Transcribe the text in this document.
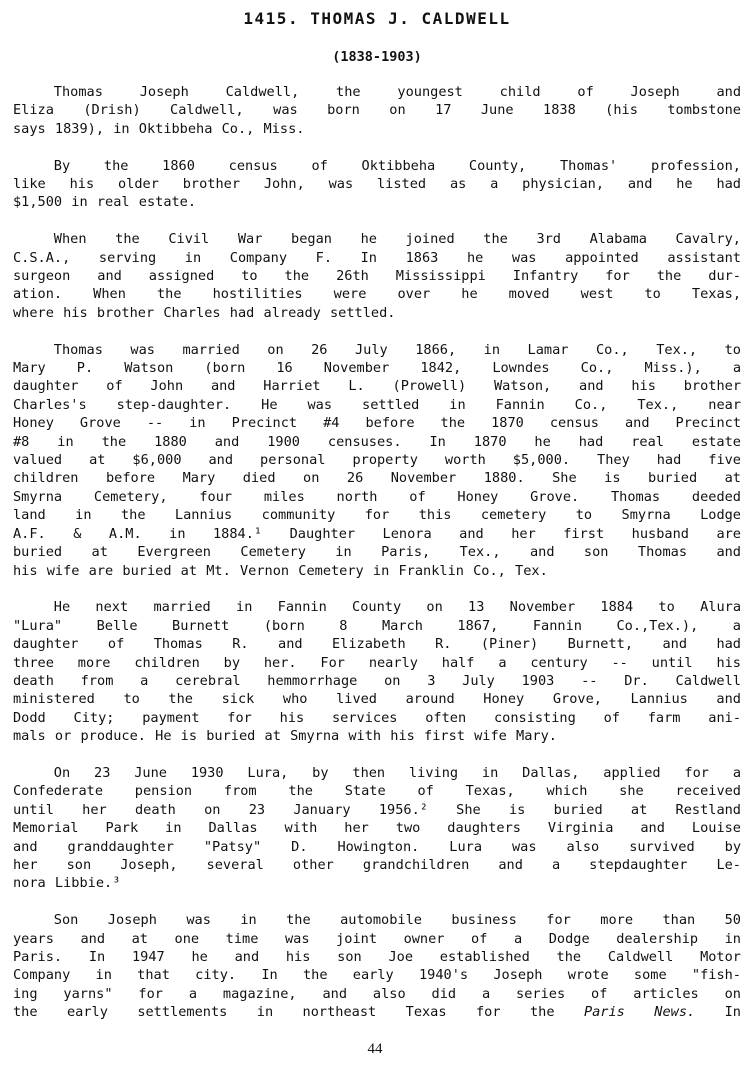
1415. THOMAS J. CALDWELL
(1838-1903)

Thomas Joseph Caldwell, the youngest child of Joseph and
Eliza (Drish) Caldwell, was born on 17 June 1838 (his tombstone
says 1839), in Oktibbeha Co., Miss.

By the 1860 census of Oktibbeha County, Thomas' profession,
like his older brother John, was listed as a physician, and he had
$1,500 in real estate.

When the Civil War began he joined the 3rd Alabama Cavalry,
C.S.A., serving in Company F. In 1863 he was appointed assistant
surgeon and assigned to the 26th Mississippi Infantry for the dur-
ation. When the hostilities were over he moved west to Texas,
where his brother Charles had already settled.

Thomas was married on 26 July 1866, in Lamar Co., Tex., to
Mary P. Watson (born 16 November 1842, Lowndes Co., Miss.), a
daughter of John and Harriet L. (Prowell) Watson, and his brother
Charles's step-daughter. He was settled in Fannin Co., Tex., near
Honey Grove -- in Precinct #4 before the 1870 census and Precinct
#8 in the 1880 and 1900 censuses. In 1870 he had real estate
valued at $6,000 and personal property worth $5,000. They had five
children before Mary died on 26 November 1880. She is buried at
Smyrna Cemetery, four miles north of Honey Grove. Thomas deeded
land in the Lannius community for this cemetery to Smyrna Lodge
A.F. & A.M. in 1884.¹ Daughter Lenora and her first husband are
buried at Evergreen Cemetery in Paris, Tex., and son Thomas and
his wife are buried at Mt. Vernon Cemetery in Franklin Co., Tex.

He next married in Fannin County on 13 November 1884 to Alura
"Lura" Belle Burnett (born 8 March 1867, Fannin Co.,Tex.), a
daughter of Thomas R. and Elizabeth R. (Piner) Burnett, and had
three more children by her. For nearly half a century -- until his
death from a cerebral hemmorrhage on 3 July 1903 -- Dr. Caldwell
ministered to the sick who lived around Honey Grove, Lannius and
Dodd City; payment for his services often consisting of farm ani-
mals or produce. He is buried at Smyrna with his first wife Mary.

On 23 June 1930 Lura, by then living in Dallas, applied for a
Confederate pension from the State of Texas, which she received
until her death on 23 January 1956.² She is buried at Restland
Memorial Park in Dallas with her two daughters Virginia and Louise
and granddaughter "Patsy" D. Howington. Lura was also survived by
her son Joseph, several other grandchildren and a stepdaughter Le-
nora Libbie.³

Son Joseph was in the automobile business for more than 50
years and at one time was joint owner of a Dodge dealership in
Paris. In 1947 he and his son Joe established the Caldwell Motor
Company in that city. In the early 1940's Joseph wrote some "fish-
ing yarns" for a magazine, and also did a series of articles on
the early settlements in northeast Texas for the Paris News. In

44
